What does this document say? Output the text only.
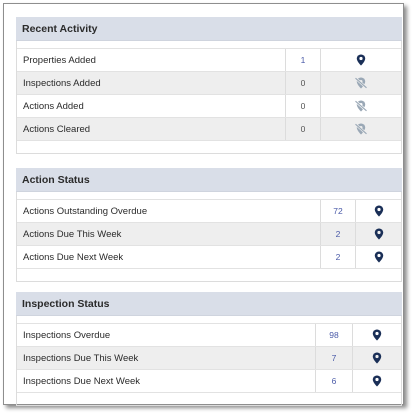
Recent Activity
Properties Added	1
Inspections Added	0
Actions Added	0
Actions Cleared	0
Action Status
Actions Outstanding Overdue	72
Actions Due This Week	2
Actions Due Next Week	2
Inspection Status
Inspections Overdue	98
Inspections Due This Week	7
Inspections Due Next Week	6
